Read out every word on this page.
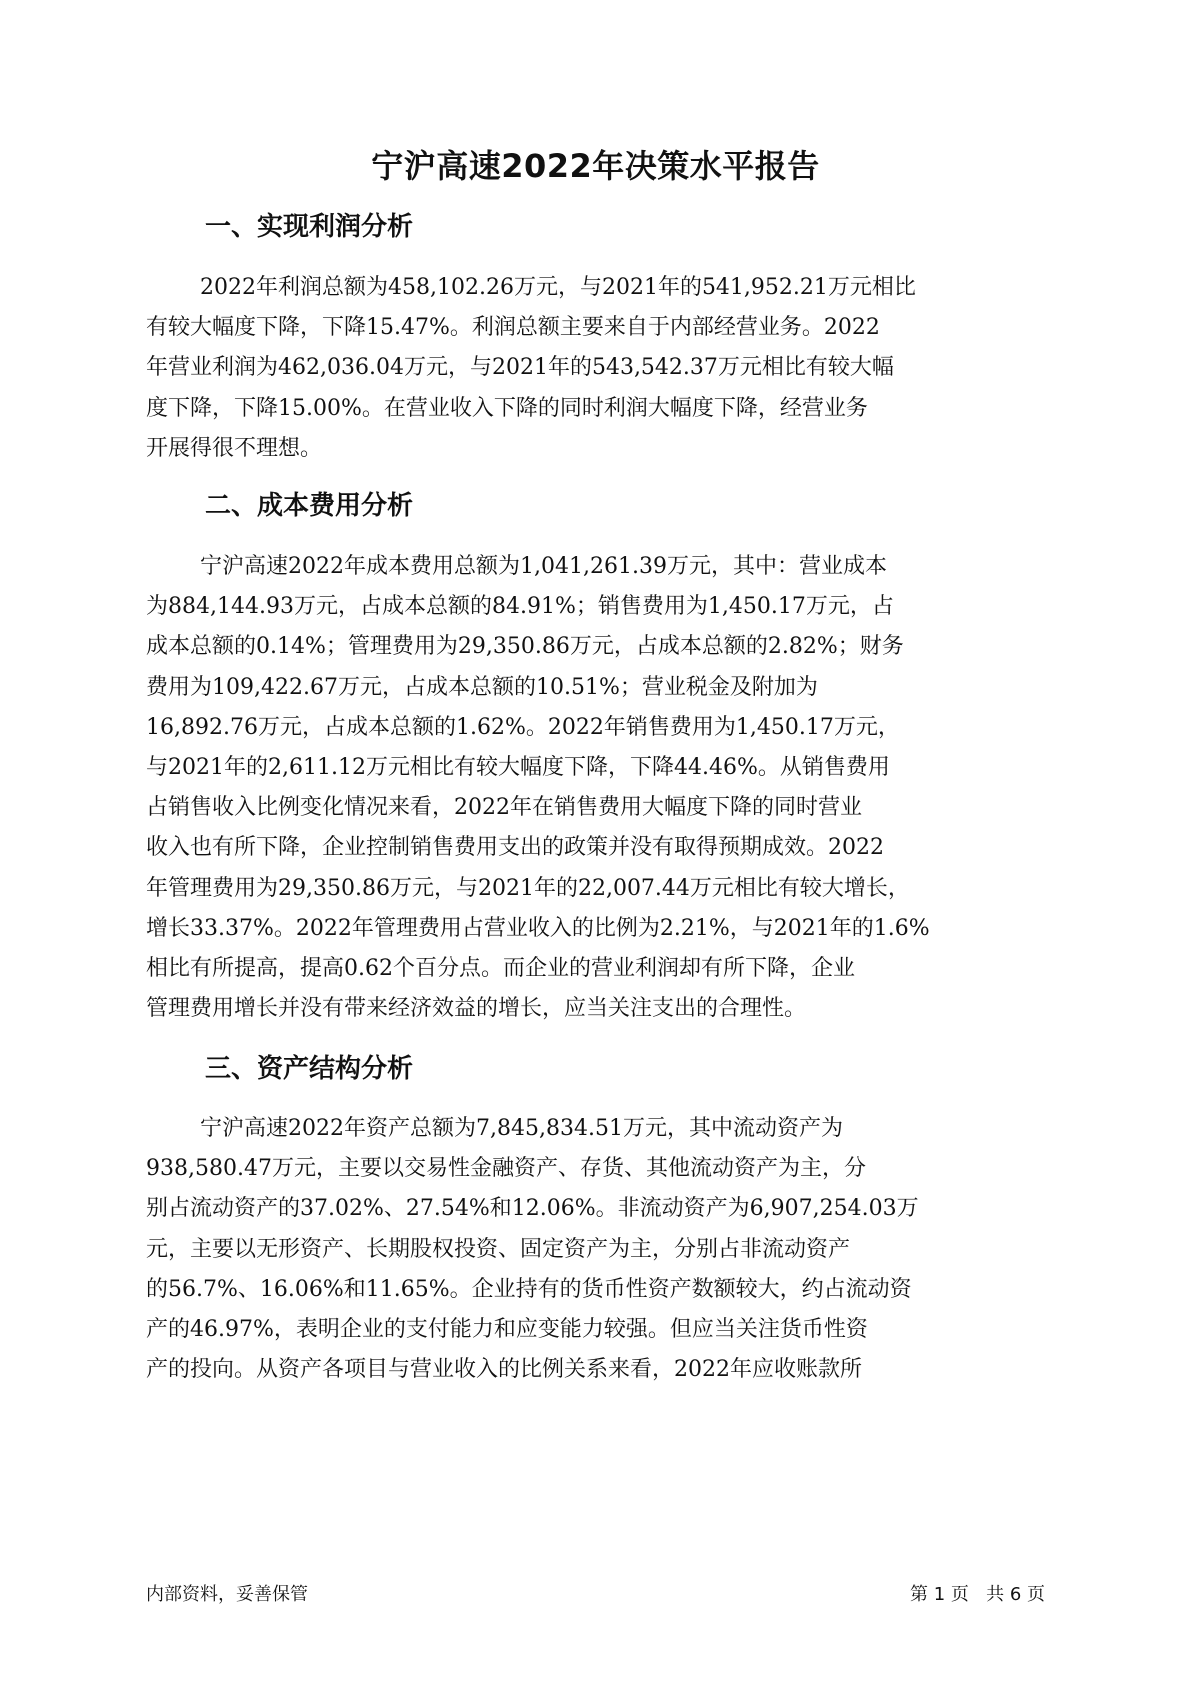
宁沪高速2022年决策水平报告
一、实现利润分析
2022年利润总额为458,102.26万元，与2021年的541,952.21万元相比
有较大幅度下降，下降15.47%。利润总额主要来自于内部经营业务。2022
年营业利润为462,036.04万元，与2021年的543,542.37万元相比有较大幅
度下降，下降15.00%。在营业收入下降的同时利润大幅度下降，经营业务
开展得很不理想。
二、成本费用分析
宁沪高速2022年成本费用总额为1,041,261.39万元，其中：营业成本
为884,144.93万元，占成本总额的84.91%；销售费用为1,450.17万元，占
成本总额的0.14%；管理费用为29,350.86万元，占成本总额的2.82%；财务
费用为109,422.67万元，占成本总额的10.51%；营业税金及附加为
16,892.76万元，占成本总额的1.62%。2022年销售费用为1,450.17万元，
与2021年的2,611.12万元相比有较大幅度下降，下降44.46%。从销售费用
占销售收入比例变化情况来看，2022年在销售费用大幅度下降的同时营业
收入也有所下降，企业控制销售费用支出的政策并没有取得预期成效。2022
年管理费用为29,350.86万元，与2021年的22,007.44万元相比有较大增长，
增长33.37%。2022年管理费用占营业收入的比例为2.21%，与2021年的1.6%
相比有所提高，提高0.62个百分点。而企业的营业利润却有所下降，企业
管理费用增长并没有带来经济效益的增长，应当关注支出的合理性。
三、资产结构分析
宁沪高速2022年资产总额为7,845,834.51万元，其中流动资产为
938,580.47万元，主要以交易性金融资产、存货、其他流动资产为主，分
别占流动资产的37.02%、27.54%和12.06%。非流动资产为6,907,254.03万
元，主要以无形资产、长期股权投资、固定资产为主，分别占非流动资产
的56.7%、16.06%和11.65%。企业持有的货币性资产数额较大，约占流动资
产的46.97%，表明企业的支付能力和应变能力较强。但应当关注货币性资
产的投向。从资产各项目与营业收入的比例关系来看，2022年应收账款所
内部资料，妥善保管	第 1 页   共 6 页
